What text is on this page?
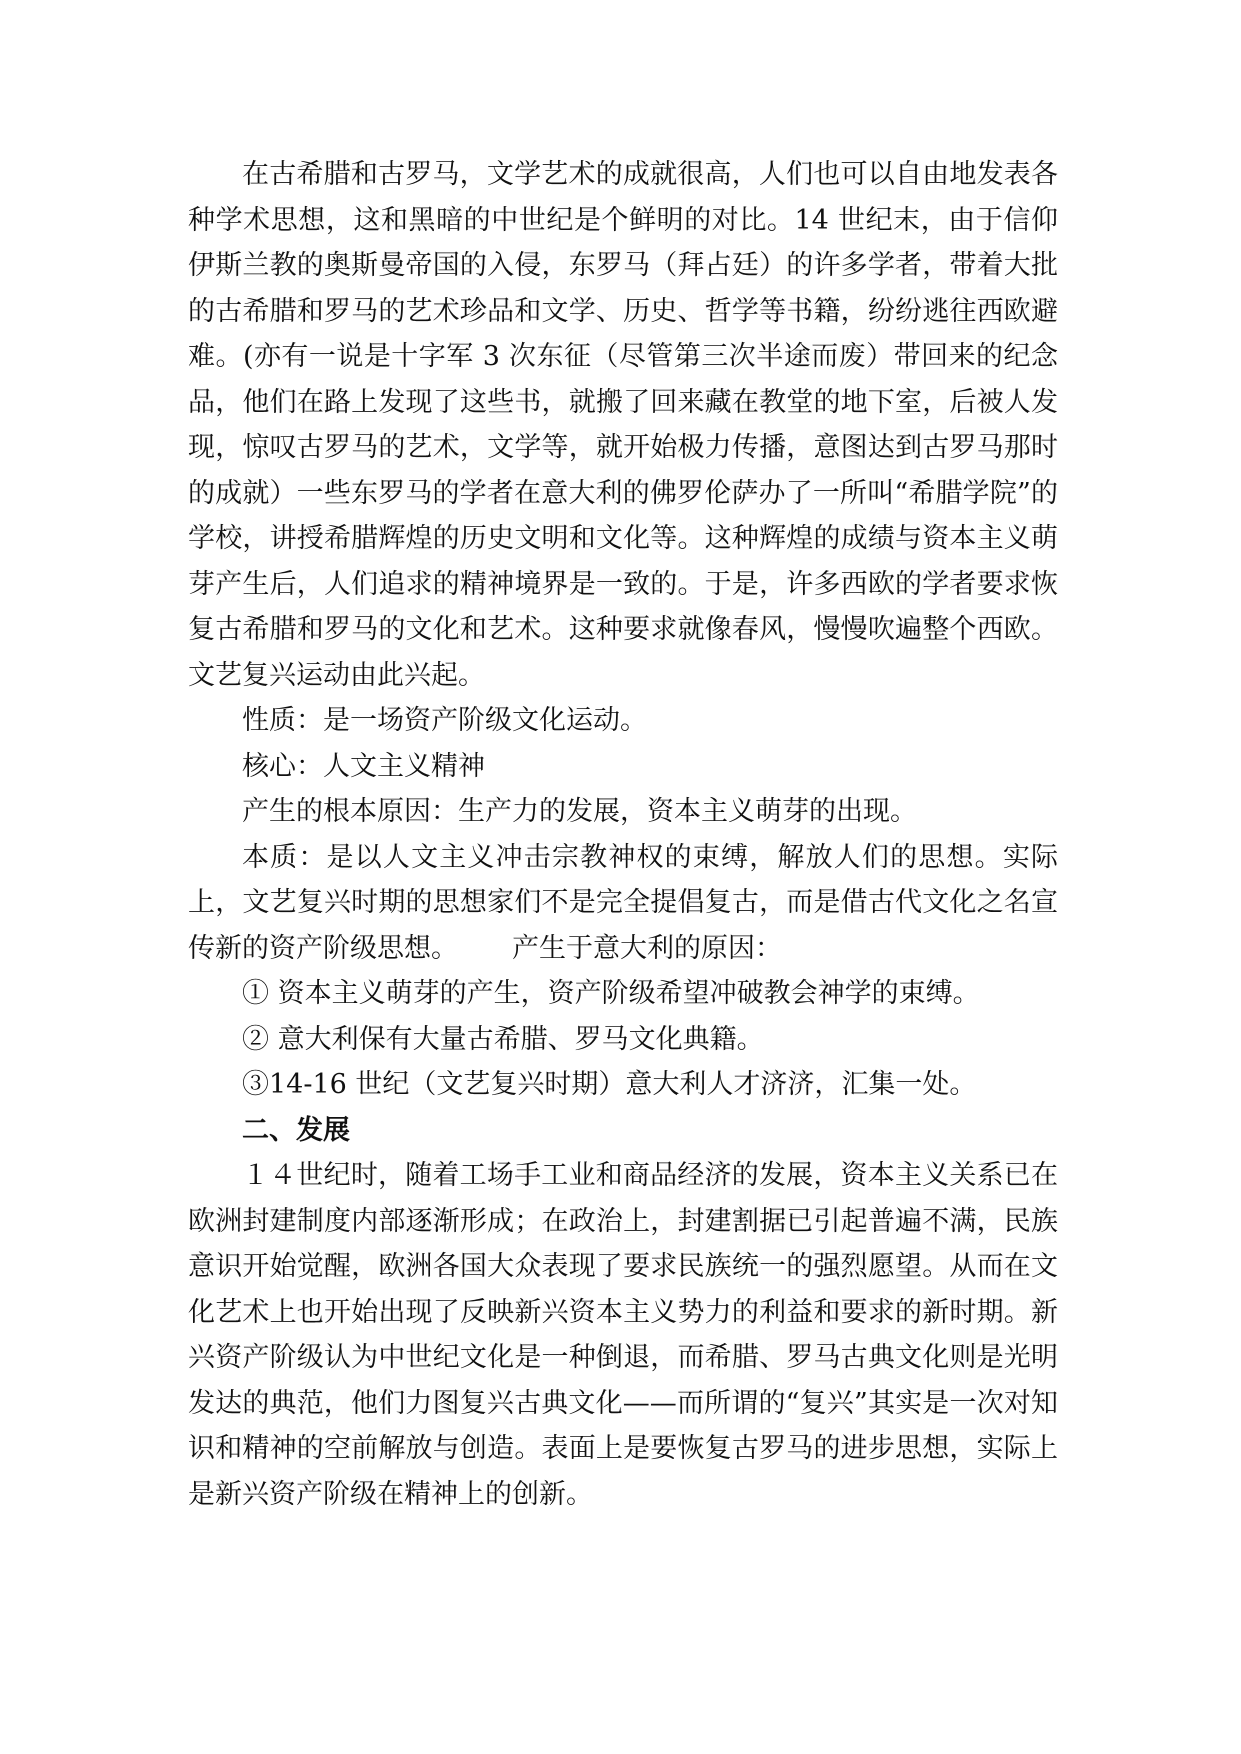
在古希腊和古罗马，文学艺术的成就很高，人们也可以自由地发表各种学术思想，这和黑暗的中世纪是个鲜明的对比。14 世纪末，由于信仰伊斯兰教的奥斯曼帝国的入侵，东罗马（拜占廷）的许多学者，带着大批的古希腊和罗马的艺术珍品和文学、历史、哲学等书籍，纷纷逃往西欧避难。(亦有一说是十字军 3 次东征（尽管第三次半途而废）带回来的纪念品，他们在路上发现了这些书，就搬了回来藏在教堂的地下室，后被人发现，惊叹古罗马的艺术，文学等，就开始极力传播，意图达到古罗马那时的成就）一些东罗马的学者在意大利的佛罗伦萨办了一所叫“希腊学院”的学校，讲授希腊辉煌的历史文明和文化等。这种辉煌的成绩与资本主义萌芽产生后，人们追求的精神境界是一致的。于是，许多西欧的学者要求恢复古希腊和罗马的文化和艺术。这种要求就像春风，慢慢吹遍整个西欧。文艺复兴运动由此兴起。

性质：是一场资产阶级文化运动。

核心：人文主义精神

产生的根本原因：生产力的发展，资本主义萌芽的出现。

本质：是以人文主义冲击宗教神权的束缚，解放人们的思想。实际上，文艺复兴时期的思想家们不是完全提倡复古，而是借古代文化之名宣传新的资产阶级思想。 产生于意大利的原因：

① 资本主义萌芽的产生，资产阶级希望冲破教会神学的束缚。

② 意大利保有大量古希腊、罗马文化典籍。

③14-16 世纪（文艺复兴时期）意大利人才济济，汇集一处。

二、发展

１４世纪时，随着工场手工业和商品经济的发展，资本主义关系已在欧洲封建制度内部逐渐形成；在政治上，封建割据已引起普遍不满，民族意识开始觉醒，欧洲各国大众表现了要求民族统一的强烈愿望。从而在文化艺术上也开始出现了反映新兴资本主义势力的利益和要求的新时期。新兴资产阶级认为中世纪文化是一种倒退，而希腊、罗马古典文化则是光明发达的典范，他们力图复兴古典文化——而所谓的“复兴”其实是一次对知识和精神的空前解放与创造。表面上是要恢复古罗马的进步思想，实际上是新兴资产阶级在精神上的创新。
